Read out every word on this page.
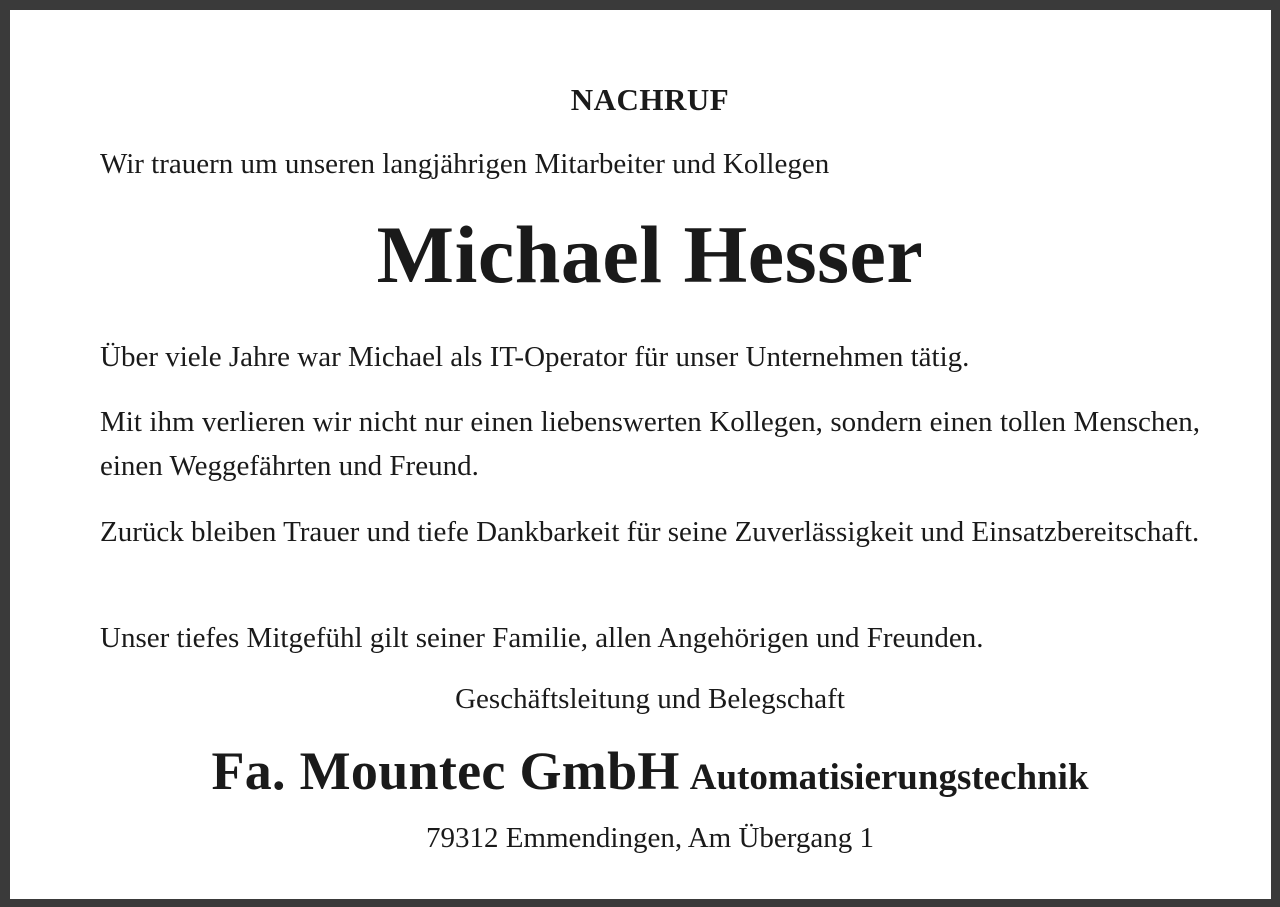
NACHRUF
Wir trauern um unseren langjährigen Mitarbeiter und Kollegen
Michael Hesser
Über viele Jahre war Michael als IT-Operator für unser Unternehmen tätig.
Mit ihm verlieren wir nicht nur einen liebenswerten Kollegen, sondern einen tollen Menschen, einen Weggefährten und Freund.
Zurück bleiben Trauer und tiefe Dankbarkeit für seine Zuverlässigkeit und Einsatzbereitschaft.
Unser tiefes Mitgefühl gilt seiner Familie, allen Angehörigen und Freunden.
Geschäftsleitung und Belegschaft
Fa. Mountec GmbH Automatisierungstechnik
79312 Emmendingen, Am Übergang 1
